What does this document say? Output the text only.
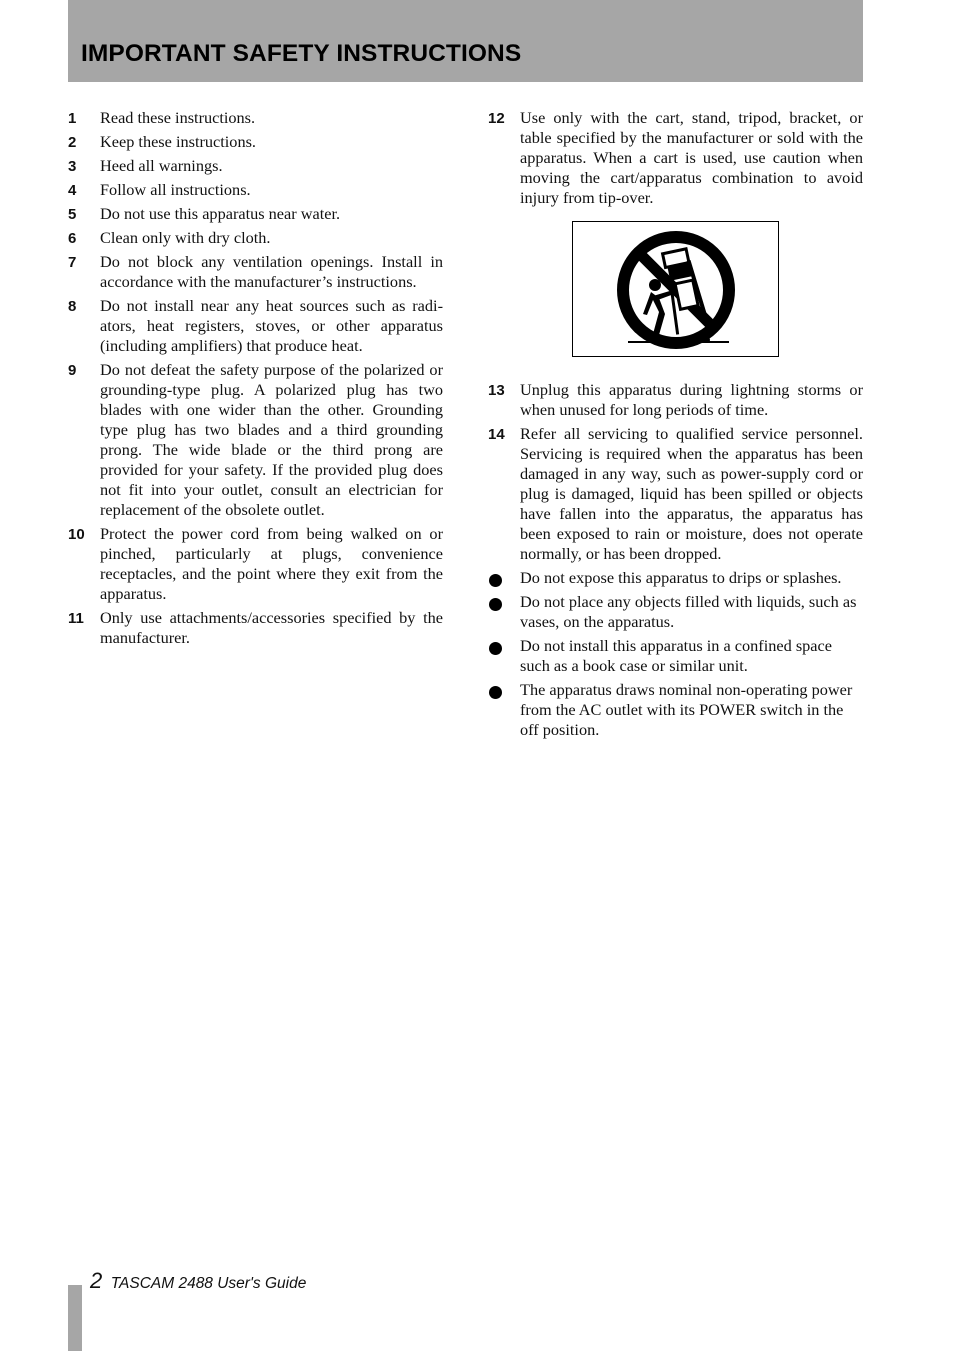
IMPORTANT SAFETY INSTRUCTIONS
1 Read these instructions.
2 Keep these instructions.
3 Heed all warnings.
4 Follow all instructions.
5 Do not use this apparatus near water.
6 Clean only with dry cloth.
7 Do not block any ventilation openings. Install in accordance with the manufacturer’s instructions.
8 Do not install near any heat sources such as radiators, heat registers, stoves, or other apparatus (including amplifiers) that produce heat.
9 Do not defeat the safety purpose of the polarized or grounding-type plug. A polarized plug has two blades with one wider than the other. Grounding type plug has two blades and a third grounding prong. The wide blade or the third prong are provided for your safety. If the provided plug does not fit into your outlet, consult an electrician for replacement of the obsolete outlet.
10 Protect the power cord from being walked on or pinched, particularly at plugs, convenience receptacles, and the point where they exit from the apparatus.
11 Only use attachments/accessories specified by the manufacturer.
12 Use only with the cart, stand, tripod, bracket, or table specified by the manufacturer or sold with the apparatus. When a cart is used, use caution when moving the cart/apparatus combination to avoid injury from tip-over.
13 Unplug this apparatus during lightning storms or when unused for long periods of time.
14 Refer all servicing to qualified service personnel. Servicing is required when the apparatus has been damaged in any way, such as power-supply cord or plug is damaged, liquid has been spilled or objects have fallen into the apparatus, the apparatus has been exposed to rain or moisture, does not operate normally, or has been dropped.
Do not expose this apparatus to drips or splashes.
Do not place any objects filled with liquids, such as vases, on the apparatus.
Do not install this apparatus in a confined space such as a book case or similar unit.
The apparatus draws nominal non-operating power from the AC outlet with its POWER switch in the off position.
2 TASCAM 2488 User's Guide
